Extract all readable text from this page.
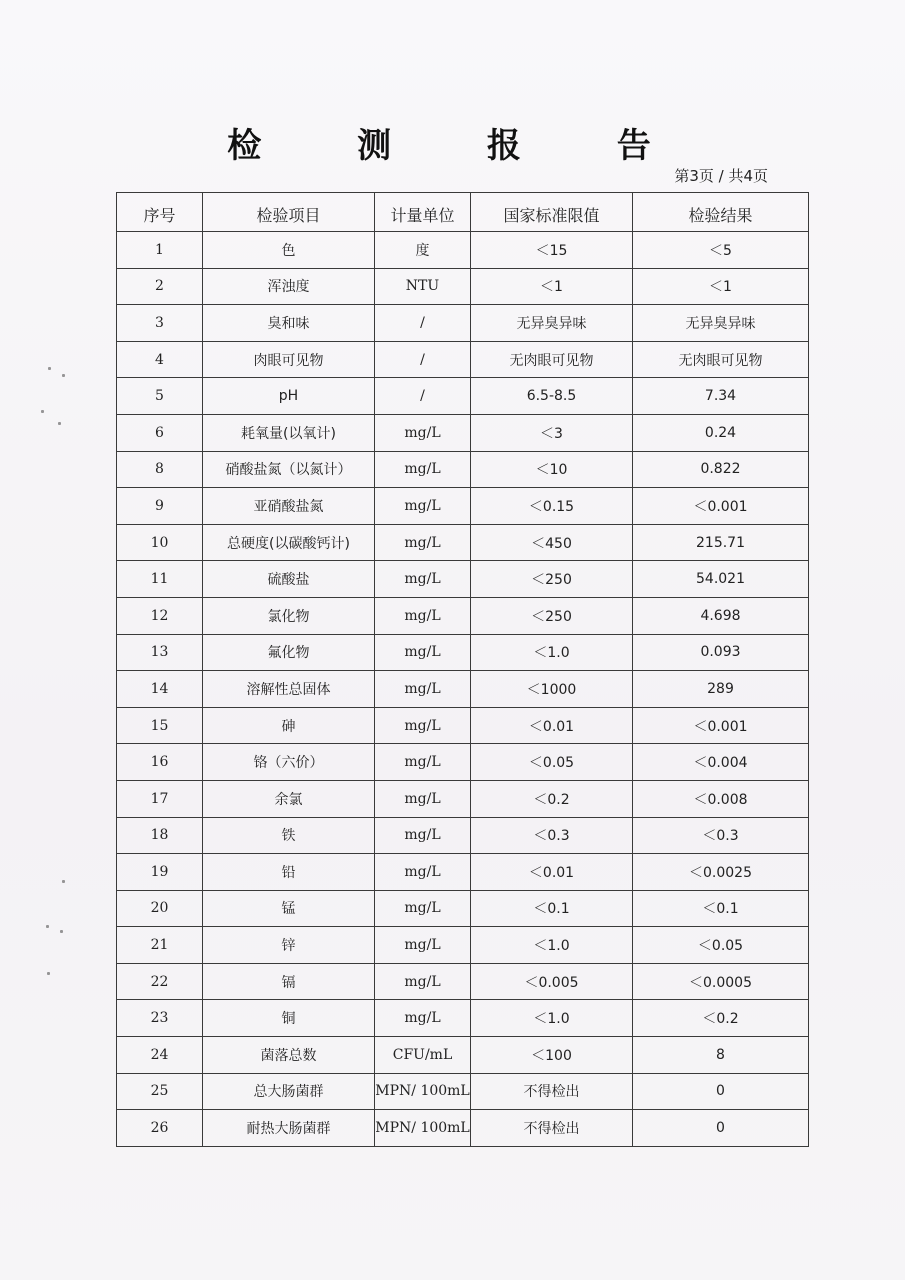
检 测 报 告
第3页 / 共4页
序号	检验项目	计量单位	国家标准限值	检验结果
1	色	度	＜15	＜5
2	浑浊度	NTU	＜1	＜1
3	臭和味	/	无异臭异味	无异臭异味
4	肉眼可见物	/	无肉眼可见物	无肉眼可见物
5	pH	/	6.5-8.5	7.34
6	耗氧量(以氧计)	mg/L	＜3	0.24
8	硝酸盐氮（以氮计）	mg/L	＜10	0.822
9	亚硝酸盐氮	mg/L	＜0.15	＜0.001
10	总硬度(以碳酸钙计)	mg/L	＜450	215.71
11	硫酸盐	mg/L	＜250	54.021
12	氯化物	mg/L	＜250	4.698
13	氟化物	mg/L	＜1.0	0.093
14	溶解性总固体	mg/L	＜1000	289
15	砷	mg/L	＜0.01	＜0.001
16	铬（六价）	mg/L	＜0.05	＜0.004
17	余氯	mg/L	＜0.2	＜0.008
18	铁	mg/L	＜0.3	＜0.3
19	铅	mg/L	＜0.01	＜0.0025
20	锰	mg/L	＜0.1	＜0.1
21	锌	mg/L	＜1.0	＜0.05
22	镉	mg/L	＜0.005	＜0.0005
23	铜	mg/L	＜1.0	＜0.2
24	菌落总数	CFU/mL	＜100	8
25	总大肠菌群	MPN/ 100mL	不得检出	0
26	耐热大肠菌群	MPN/ 100mL	不得检出	0
